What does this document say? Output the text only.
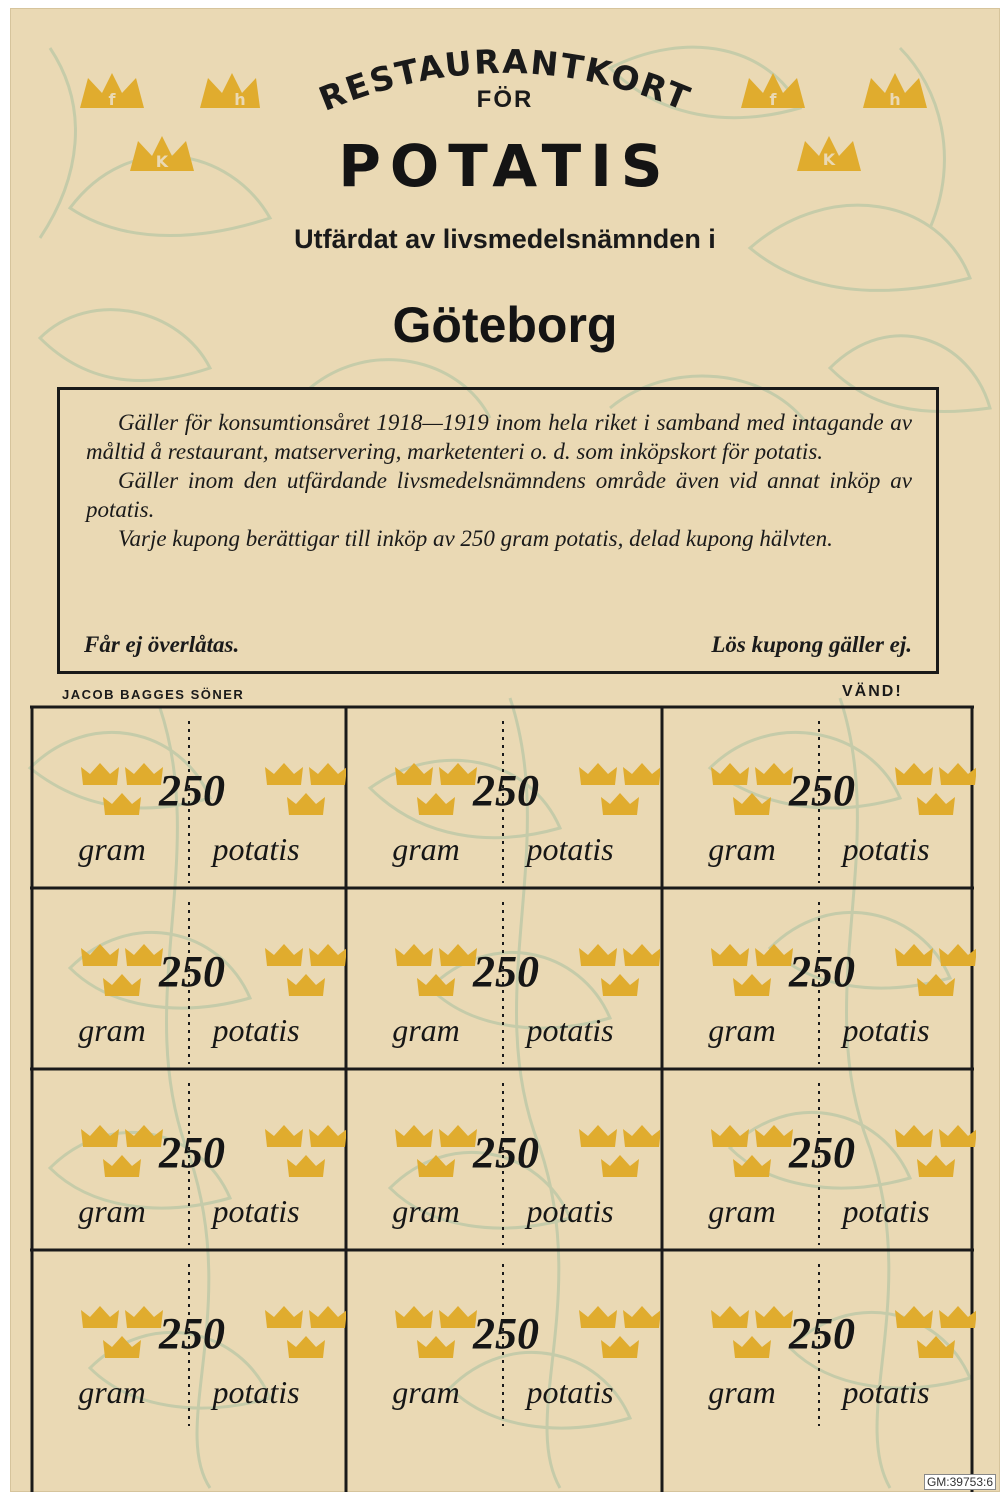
RESTAURANTKORT
FÖR
POTATIS
Utfärdat av livsmedelsnämnden i
Göteborg
f	h
K
f	h
K

Gäller för konsumtionsåret 1918—1919 inom hela riket i samband med intagande av måltid å restaurant, matservering, marketenteri o. d. som inköpskort för potatis.

Gäller inom den utfärdande livsmedelsnämndens område även vid annat inköp av potatis.

Varje kupong berättigar till inköp av 250 gram potatis, delad kupong hälvten.

Får ej överlåtas.	Lös kupong gäller ej.
JACOB BAGGES SÖNER	VÄND!
250
gram	potatis
250
gram	potatis
250
gram	potatis
250
gram	potatis
250
gram	potatis
250
gram	potatis
250
gram	potatis
250
gram	potatis
250
gram	potatis
250
gram	potatis
250
gram	potatis
250
gram	potatis
GM:39753:6
